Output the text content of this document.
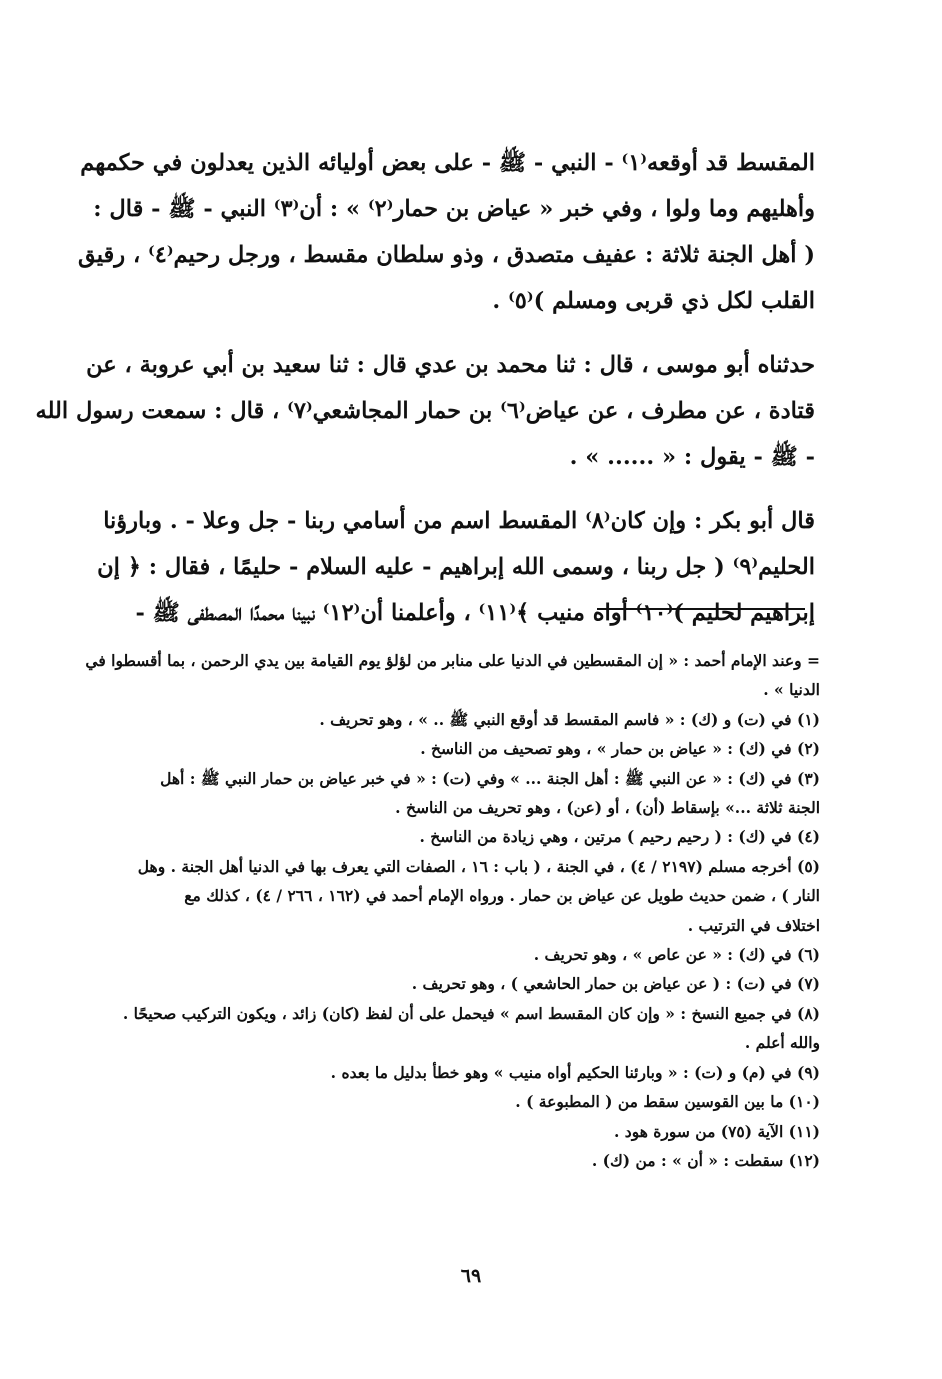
المقسط قد أوقعه⁽١⁾ - النبي - ﷺ - على بعض أوليائه الذين يعدلون في حكمهم
وأهليهم وما ولوا ، وفي خبر « عياض بن حمار⁽٢⁾ » : أن⁽٣⁾ النبي - ﷺ - قال :
( أهل الجنة ثلاثة : عفيف متصدق ، وذو سلطان مقسط ، ورجل رحيم⁽٤⁾ ، رقيق
القلب لكل ذي قربى ومسلم )⁽٥⁾ .
حدثناه أبو موسى ، قال : ثنا محمد بن عدي قال : ثنا سعيد بن أبي عروبة ، عن
قتادة ، عن مطرف ، عن عياض⁽٦⁾ بن حمار المجاشعي⁽٧⁾ ، قال : سمعت رسول الله
- ﷺ - يقول : « ...... » .
قال أبو بكر : وإن كان⁽٨⁾ المقسط اسم من أسامي ربنا - جل وعلا - . وبارؤنا
الحليم⁽٩⁾ ( جل ربنا ، وسمى الله إبراهيم - عليه السلام - حليمًا ، فقال : ﴿ إن
إبراهيم لحليم )⁽١٠⁾ أواه منيب ﴾⁽١١⁾ ، وأعلمنا أن⁽١٢⁾ نبينا محمدًا المصطفى ﷺ -
= وعند الإمام أحمد : « إن المقسطين في الدنيا على منابر من لؤلؤ يوم القيامة بين يدي الرحمن ، بما أقسطوا في
الدنيا » .
(١) في (ت) و (ك) : « فاسم المقسط قد أوقع النبي ﷺ .. » ، وهو تحريف .
(٢) في (ك) : « عياض بن حمار » ، وهو تصحيف من الناسخ .
(٣) في (ك) : « عن النبي ﷺ : أهل الجنة ... » وفي (ت) : « في خبر عياض بن حمار النبي ﷺ : أهل
الجنة ثلاثة ...» بإسقاط (أن) ، أو (عن) ، وهو تحريف من الناسخ .
(٤) في (ك) : ( رحيم رحيم ) مرتين ، وهي زيادة من الناسخ .
(٥) أخرجه مسلم (٢١٩٧ / ٤) ، في الجنة ، ( باب : ١٦ ، الصفات التي يعرف بها في الدنيا أهل الجنة . وهل
النار ) ، ضمن حديث طويل عن عياض بن حمار . ورواه الإمام أحمد في (١٦٢ ، ٢٦٦ / ٤) ، كذلك مع
اختلاف في الترتيب .
(٦) في (ك) : « عن عاص » ، وهو تحريف .
(٧) في (ت) : ( عن عياض بن حمار الحاشعي ) ، وهو تحريف .
(٨) في جميع النسخ : « وإن كان المقسط اسم » فيحمل على أن لفظ (كان) زائد ، ويكون التركيب صحيحًا .
والله أعلم .
(٩) في (م) و (ت) : « وبارئنا الحكيم أواه منيب » وهو خطأ بدليل ما بعده .
(١٠) ما بين القوسين سقط من ( المطبوعة ) .
(١١) الآية (٧٥) من سورة هود .
(١٢) سقطت : « أن » : من (ك) .
٦٩
